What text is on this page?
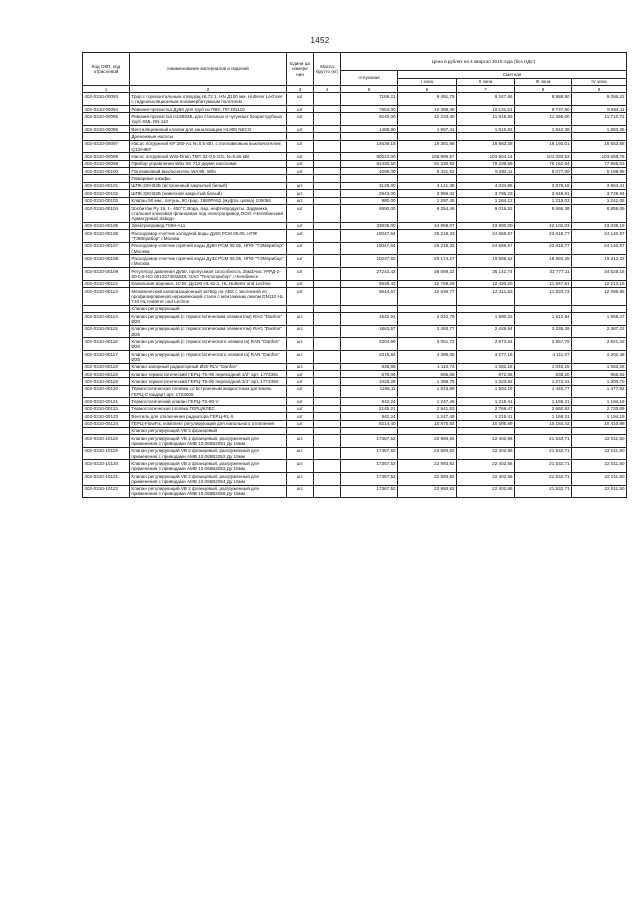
1452
Код ОКП, код отраслевой	Наименование материалов и изделий	Едини ца измере ния	Масса брутто (кг)	Цена в рублях на 4 квартал 2015 года (без НДС)				
				отпускная	Сметная			
					I зона	II зона	III зона	IV зона
1	2	3	4	5	6	7	8	9
402-0310-00093	Трап с горизонтальным отводом HL72.1. HN Д100 мм. Hutterer Lechner с гидроизоляционным полимербитумным полотном	шт		7169,21	9 491,75	9 247,66	8 888,50	9 086,22
402-0310-00094	Ревизия-прочистка Ду50 для труб из ПВХ, ПП DN110	шт		7854,00	10 398,39	10 131,01	9 737,60	9 954,11
402-0310-00095	Ревизия-прочистка HL98SML для стальных и чугунных безраструбных труб SML DN 110	шт		9240,00	12 233,40	11 918,83	11 456,00	11 710,72
402-0310-00096	Вентиляционный клапан для канализации HL900 NECO	шт		1488,90	1 967,41	1 916,82	1 842,38	1 883,35
	Дренажные насосы							
402-0310-00097	Насос погружной KP 250-A1 N=0,5 кВт, с поплавковым выключателем Q12/H90*	шт		14639,15	19 381,86	18 883,28	18 150,01	18 553,58
402-0310-00098	Насос погружной Wilo-Drain TMT 32-0,5 GG, N=0,55 кВт	шт		80024,00	105 996,57	103 904,14	101 093,53	103 656,75
402-0310-00099	Прибор управления Wilo SK 712 двумя насосами	шт		61430,50	81 330,92	79 239,59	76 162,54	77 856,03
402-0310-00100	Поплавковый выключатель WA 95, Wilo	шт		4095,00	5 421,52	5 282,11	5 077,09	5 189,98
	Пожарные шкафы							
402-0310-00101	ШПК-320-В2Б (встроенный закрытый белый)	шт.		3128,00	4 141,35	4 034,86	3 878,18	3 964,41
402-0310-00102	ШПК-320-В2Б (навесной закрытый белый)	шт.		2943,00	3 896,42	3 796,23	3 648,81	3 729,94
402-0310-00103	Клапан 50 мм., латунь, 90 град. 1860РА62 (муфта, цапка) 105056	шт.		980,00	1 297,45	1 264,12	1 215,03	1 242,05
402-0310-00104	Зосбит/ак Ру 16, t - 400°С Вода, пар, нефтепродукты. Задвижка стальная клиновая фланцевая под электропривод ООО «Челябинский Арматурный Завод»	шт		6990,00	9 254,49	9 016,52	8 666,39	8 859,09
402-0310-00105	Электропривод ПЭМ-А11	шт		33935,00	44 959,07	43 800,00	42 102,03	43 038,18
402-0310-00106	Расходомер-счетчик холодной воды Ду50 РСМ 05.05, НПФ "ТЭМприбор" г.Москва	шт		19047,64	25 218,33	24 569,67	23 615,77	24 140,87
402-0310-00107	Расходомер-счетчик горячей воды Ду50 РСМ 05.05, НПФ "ТЭМприбор" г.Москва	шт		19047,64	25 218,33	24 569,67	23 615,77	24 140,87
402-0310-00108	Расходомер-счетчик горячей воды Ду32 РСМ 05.05, НПФ "ТЭМприбор" г.Москва	шт		10237,62	20 174,27	19 655,52	18 892,25	19 312,32
402-0310-00109	Регулятор давления Ду50, пропускная способность 25м3/час УРРД-2-50-0,6-НО 0012573/02838, ОАО "Теплоприбор" г.Челябинск	шт		27243,42	36 069,22	35 141,74	33 777,11	34 528,15
402-0310-00112	Канальная воронка, 10 Вт, Ду100 HL 62.1, HL Hutterer und Lechne	шт		9636,43	12 758,26	12 430,20	11 947,51	12 213,16
402-0310-00113	Механический канализационный затвор на ABS с заслонкой из профилированной нержавеющей стали с монтажным люком DN110 HL 710 HL Hutterer und Lechne	шт		9544,67	12 636,77	12 311,83	11 833,73	12 096,86
	Клапан регулирующий							
402-0310-00114	Клапан регулирующий (с термостатическим элементом) RAG "Danfos" Ø20	шт.		1542,91	2 042,75	1 990,22	1 912,94	1 955,47
402-0310-00115	Клапан регулирующий (с термостатическим элементом) RAG "Danfos" Ø25	шт.		1863,57	2 493,77	2 429,64	2 335,29	2 387,22
402-0310-00116	Клапан регулирующий (с термостатического элемента) RAN "Danfos" Ø20	шт.		2304,99	3 051,72	2 973,24	2 857,79	2 921,33
402-0310-00117	Клапан регулирующий (с термостатического элемента) RAN "Danfos" Ø25	шт.		3315,84	4 390,05	4 277,16	4 111,07	4 202,48
402-0310-00118	Клапан запорный радиаторный Ø20 RLV "Danfos"	шт.		838,95	1 110,74	1 082,18	1 040,15	1 063,28
402-0310-00118	Клапан термостатический ГЕРЦ-TS-90 переходной 1/2" арт. 1772391	шт		676,06	895,08	872,06	838,20	856,83
402-0310-00119	Клапан термостатический ГЕРЦ-TS-90 переходной 3/4" арт. 1772392	шт		1026,28	1 358,75	1 323,82	1 272,41	1 300,70
402-0310-00120	Термостатическая головка со встроенным жидкостным датчиком, ГЕРЦ-Стандарт арт. 1723006	шт		1166,11	1 543,88	1 504,18	1 445,77	1 477,92
402-0310-00121	Термостатический клапан ГЕРЦ-TS-90-V	шт		942,24	1 247,49	1 215,41	1 168,21	1 194,19
402-0310-00122	Термостатическая головка ГЕРЦ/КЛЕС	шт		2146,21	2 841,53	2 768,47	2 660,93	2 720,09
402-0310-00123	Вентиль для отключения радиатора ГЕРЦ-RL-5	шт		942,24	1 247,49	1 215,41	1 168,21	1 194,19
402-0310-00124	ГЕРЦ-FlowFix, комплект регулирующий для напольного отопления	шт		8214,40	10 875,54	10 595,89	10 184,43	10 410,88
	Клапан регулирующий VB 2 фланцевый							
402-0310-10118	Клапан регулирующий VB 2 фланцевый, разгруженный для применения с приводами AMB 10.065B2051 Ду 15мм	шт.		17367,52	22 993,82	22 402,66	21 532,71	22 011,50
402-0310-10119	Клапан регулирующий VB 2 фланцевый, разгруженный для применения с приводами AMB 10.065B2052 Ду 15мм	шт.		17367,52	22 993,82	22 402,66	21 532,71	22 011,50
402-0310-10120	Клапан регулирующий VB 2 фланцевый, разгруженный для применения с приводами AMB 10.066B2053 Ду 15мм	шт.		17367,52	22 993,82	22 402,66	21 532,71	22 011,50
402-0310-10121	Клапан регулирующий VB 2 фланцевый, разгруженный для применения с приводами AMB 10.066B2054 Ду 15мм	шт.		17367,52	22 993,82	22 402,66	21 532,71	22 011,50
402-0310-10122	Клапан регулирующий VB 2 фланцевый, разгруженный для применения с приводами AMB 10.066B2055 Ду 15мм	шт.		17367,52	22 993,82	22 402,66	21 532,71	22 011,50
